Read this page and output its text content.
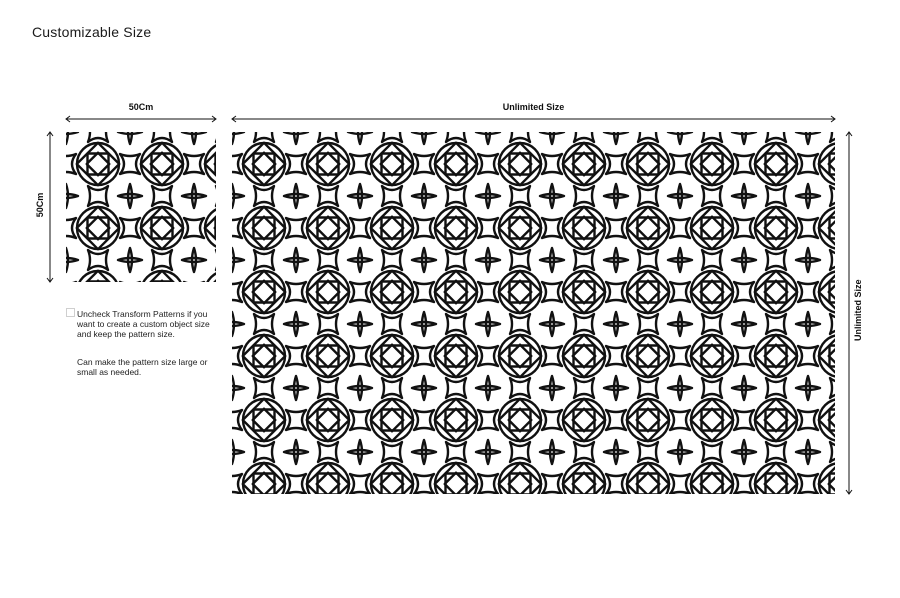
Customizable Size
50Cm	Unlimited Size
50Cm
Unlimited Size
Uncheck Transform Patterns if you want to create a custom object size and keep the pattern size.
Can make the pattern size large or small as needed.
